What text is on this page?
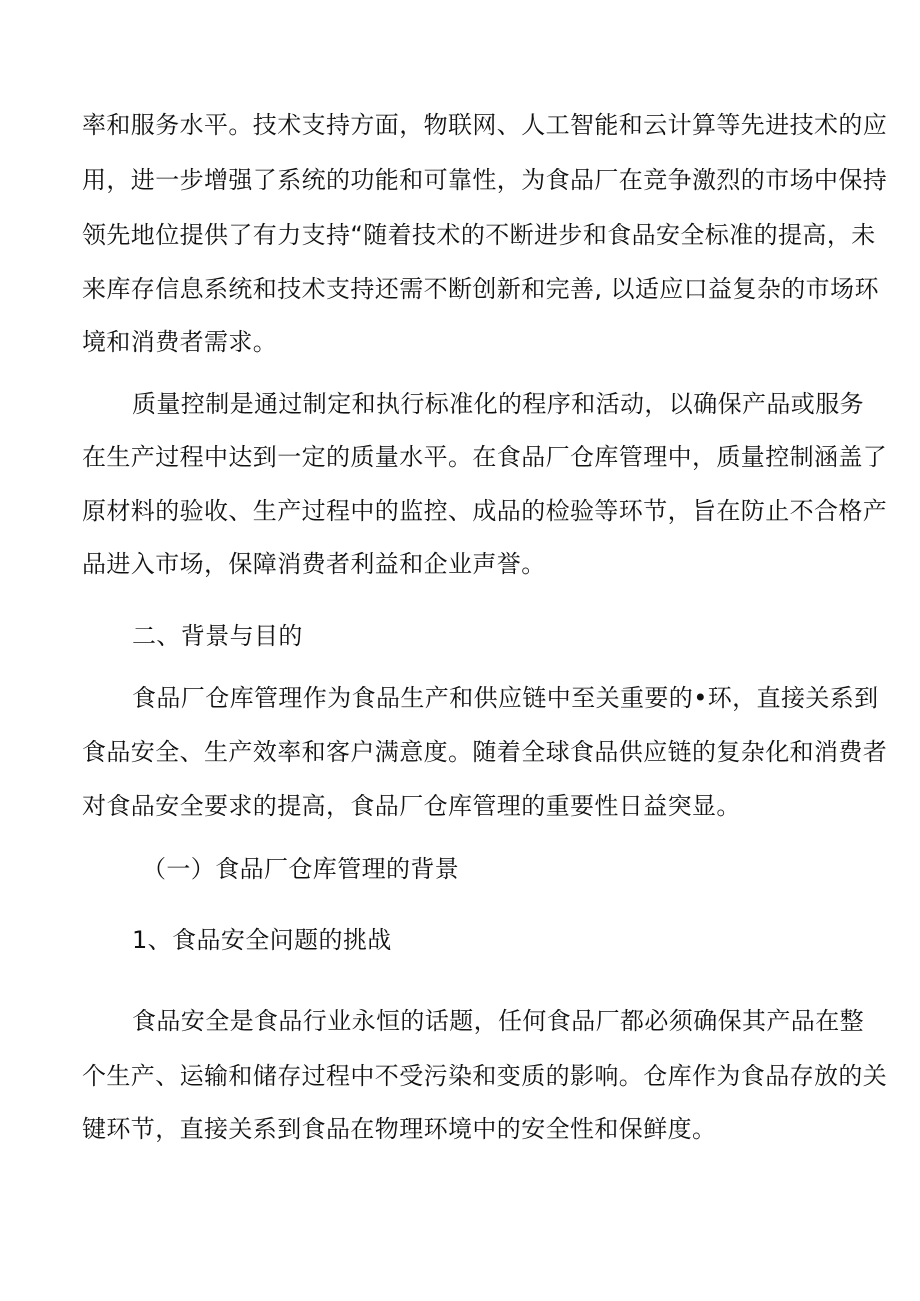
率和服务水平。技术支持方面，物联网、人工智能和云计算等先进技术的应
用，进一步增强了系统的功能和可靠性，为食品厂在竞争激烈的市场中保持
领先地位提供了有力支持“随着技术的不断进步和食品安全标准的提高，未
来库存信息系统和技术支持还需不断创新和完善, 以适应口益复杂的市场环
境和消费者需求。
质量控制是通过制定和执行标准化的程序和活动，以确保产品或服务
在生产过程中达到一定的质量水平。在食品厂仓库管理中，质量控制涵盖了
原材料的验收、生产过程中的监控、成品的检验等环节，旨在防止不合格产
品进入市场，保障消费者利益和企业声誉。
二、背景与目的
食品厂仓库管理作为食品生产和供应链中至关重要的•环，直接关系到
食品安全、生产效率和客户满意度。随着全球食品供应链的复杂化和消费者
对食品安全要求的提高，食品厂仓库管理的重要性日益突显。
（一）食品厂仓库管理的背景
1、食品安全问题的挑战
食品安全是食品行业永恒的话题，任何食品厂都必须确保其产品在整
个生产、运输和储存过程中不受污染和变质的影响。仓库作为食品存放的关
键环节，直接关系到食品在物理环境中的安全性和保鲜度。
